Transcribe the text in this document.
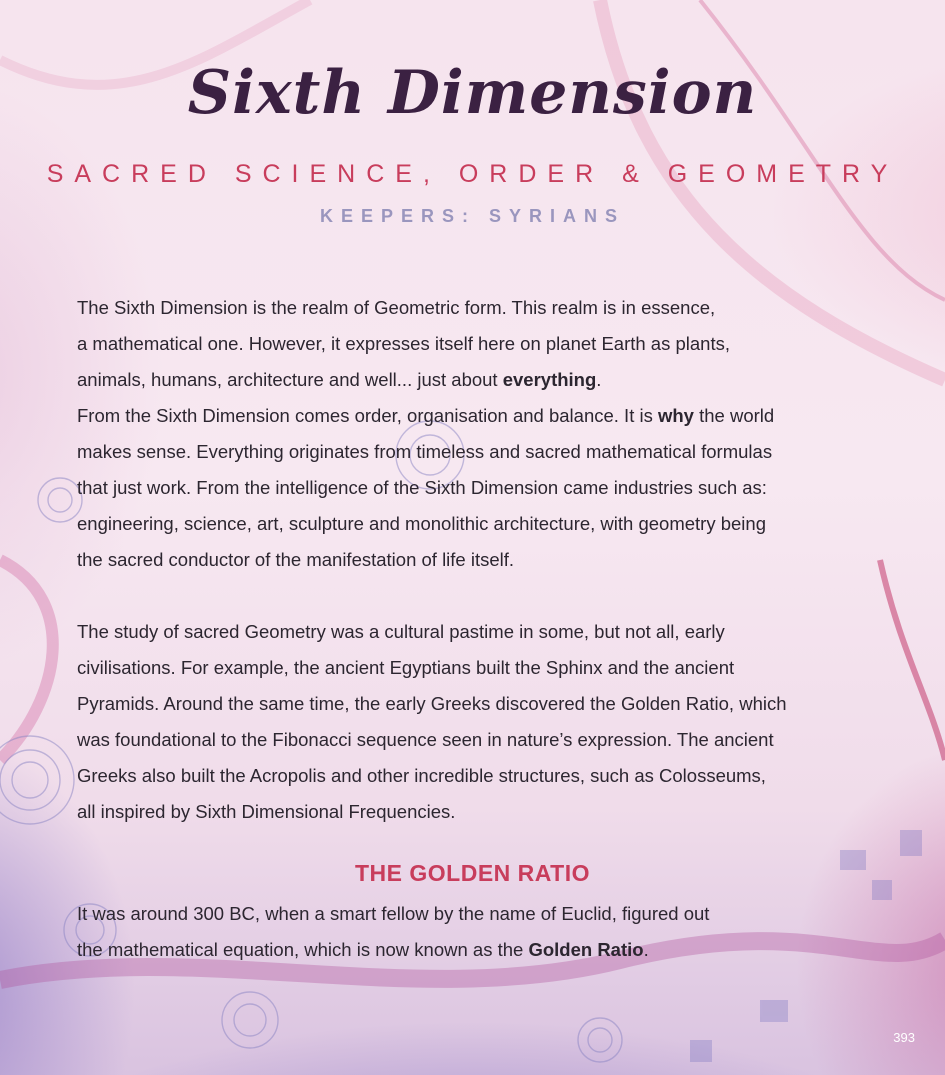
Sixth Dimension
SACRED SCIENCE, ORDER & GEOMETRY
KEEPERS: SYRIANS

The Sixth Dimension is the realm of Geometric form. This realm is in essence,

a mathematical one. However, it expresses itself here on planet Earth as plants,

animals, humans, architecture and well... just about everything.

From the Sixth Dimension comes order, organisation and balance. It is why the world

makes sense. Everything originates from timeless and sacred mathematical formulas

that just work. From the intelligence of the Sixth Dimension came industries such as:

engineering, science, art, sculpture and monolithic architecture, with geometry being

the sacred conductor of the manifestation of life itself.

The study of sacred Geometry was a cultural pastime in some, but not all, early

civilisations. For example, the ancient Egyptians built the Sphinx and the ancient

Pyramids. Around the same time, the early Greeks discovered the Golden Ratio, which

was foundational to the Fibonacci sequence seen in nature’s expression. The ancient

Greeks also built the Acropolis and other incredible structures, such as Colosseums,

all inspired by Sixth Dimensional Frequencies.

THE GOLDEN RATIO

It was around 300 BC, when a smart fellow by the name of Euclid, figured out

the mathematical equation, which is now known as the Golden Ratio.

393
